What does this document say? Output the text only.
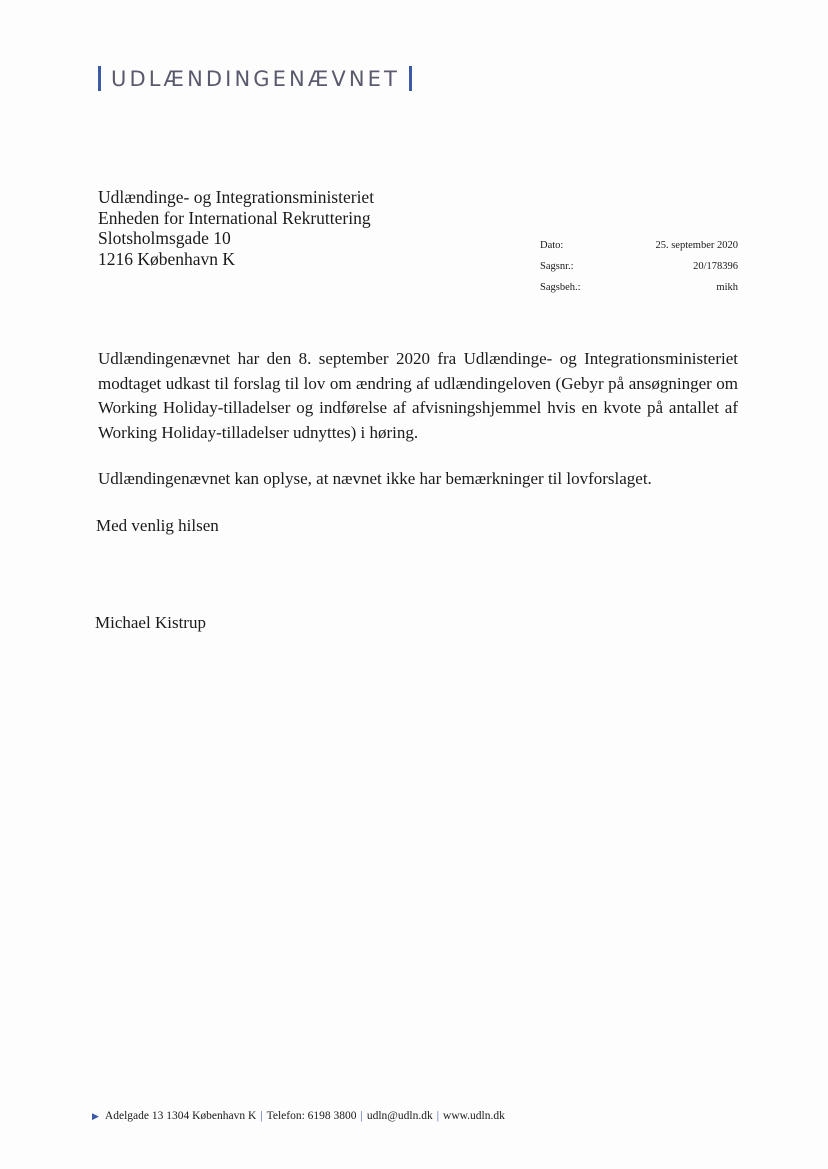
UDLÆNDINGENÆVNET
Udlændinge- og Integrationsministeriet
Enheden for International Rekruttering
Slotsholmsgade 10
1216 København K
Dato:	25. september 2020
Sagsnr.:	20/178396
Sagsbeh.:	mikh

Udlændingenævnet har den 8. september 2020 fra Udlændinge- og Integrationsministeriet modtaget udkast til forslag til lov om ændring af udlændingeloven (Gebyr på ansøgninger om Working Holiday-tilladelser og indførelse af afvisningshjemmel hvis en kvote på antallet af Working Holiday-tilladelser udnyttes) i høring.

Udlændingenævnet kan oplyse, at nævnet ikke har bemærkninger til lovforslaget.
Med venlig hilsen
Michael Kistrup
▶ Adelgade 13 1304 København K | Telefon: 6198 3800 | udln@udln.dk | www.udln.dk
